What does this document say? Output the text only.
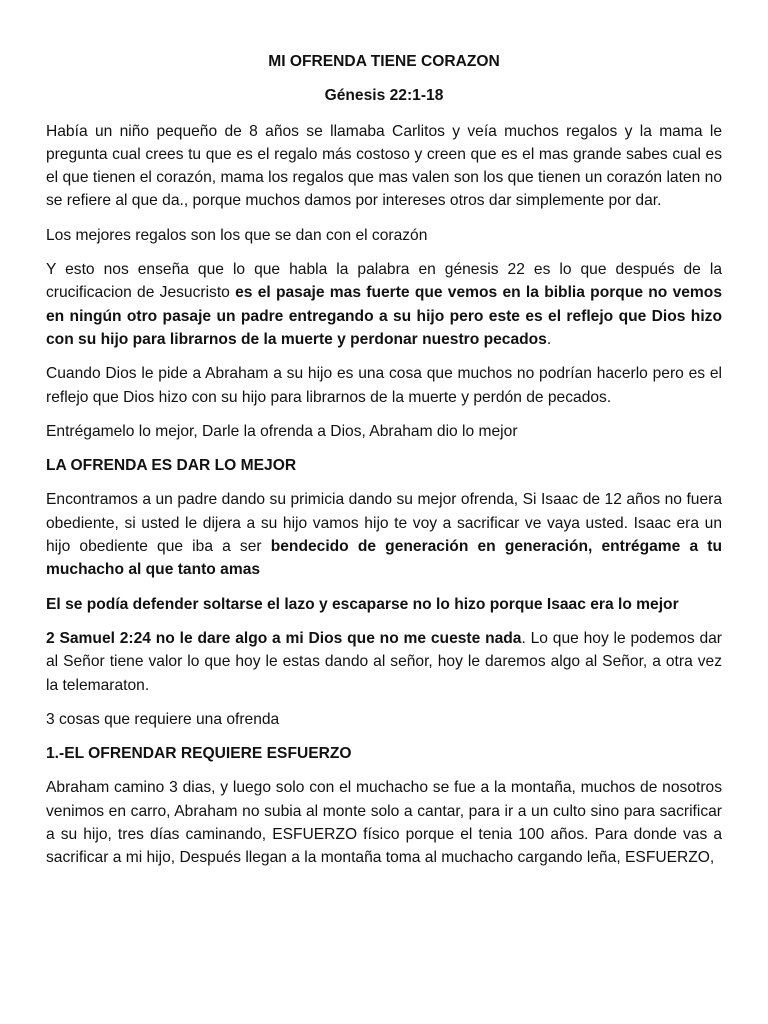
MI OFRENDA TIENE CORAZON
Génesis 22:1-18

Había un niño pequeño de 8 años se llamaba Carlitos y veía muchos regalos y la mama le pregunta cual crees tu que es el regalo más costoso y creen que es el mas grande sabes cual es el que tienen el corazón, mama los regalos que mas valen son los que tienen un corazón laten no se refiere al que da., porque muchos damos por intereses otros dar simplemente por dar.

Los mejores regalos son los que se dan con el corazón

Y esto nos enseña que lo que habla la palabra en génesis 22 es lo que después de la crucificacion de Jesucristo es el pasaje mas fuerte que vemos en la biblia porque no vemos en ningún otro pasaje un padre entregando a su hijo pero este es el reflejo que Dios hizo con su hijo para librarnos de la muerte y perdonar nuestro pecados.

Cuando Dios le pide a Abraham a su hijo es una cosa que muchos no podrían hacerlo pero es el reflejo que Dios hizo con su hijo para librarnos de la muerte y perdón de pecados.

Entrégamelo lo mejor, Darle la ofrenda a Dios, Abraham dio lo mejor

LA OFRENDA ES DAR LO MEJOR

Encontramos a un padre dando su primicia dando su mejor ofrenda, Si Isaac de 12 años no fuera obediente, si usted le dijera a su hijo vamos hijo te voy a sacrificar ve vaya usted. Isaac era un hijo obediente que iba a ser bendecido de generación en generación, entrégame a tu muchacho al que tanto amas

El se podía defender soltarse el lazo y escaparse no lo hizo porque Isaac era lo mejor

2 Samuel 2:24 no le dare algo a mi Dios que no me cueste nada. Lo que hoy le podemos dar al Señor tiene valor lo que hoy le estas dando al señor, hoy le daremos algo al Señor, a otra vez la telemaraton.

3 cosas que requiere una ofrenda

1.-EL OFRENDAR REQUIERE ESFUERZO

Abraham camino 3 dias, y luego solo con el muchacho se fue a la montaña, muchos de nosotros venimos en carro, Abraham no subia al monte solo a cantar, para ir a un culto sino para sacrificar a su hijo, tres días caminando, ESFUERZO físico porque el tenia 100 años. Para donde vas a sacrificar a mi hijo, Después llegan a la montaña toma al muchacho cargando leña, ESFUERZO,
